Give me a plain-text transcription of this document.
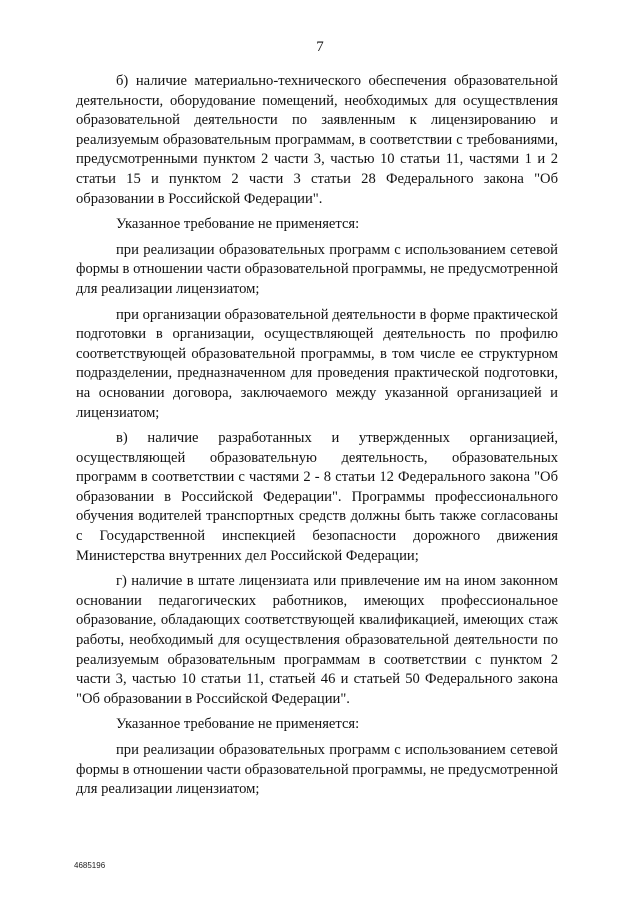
7

б) наличие материально-технического обеспечения образовательной деятельности, оборудование помещений, необходимых для осуществления образовательной деятельности по заявленным к лицензированию и реализуемым образовательным программам, в соответствии с требованиями, предусмотренными пунктом 2 части 3, частью 10 статьи 11, частями 1 и 2 статьи 15 и пунктом 2 части 3 статьи 28 Федерального закона "Об образовании в Российской Федерации".

Указанное требование не применяется:

при реализации образовательных программ с использованием сетевой формы в отношении части образовательной программы, не предусмотренной для реализации лицензиатом;

при организации образовательной деятельности в форме практической подготовки в организации, осуществляющей деятельность по профилю соответствующей образовательной программы, в том числе ее структурном подразделении, предназначенном для проведения практической подготовки, на основании договора, заключаемого между указанной организацией и лицензиатом;

в) наличие разработанных и утвержденных организацией, осуществляющей образовательную деятельность, образовательных программ в соответствии с частями 2 - 8 статьи 12 Федерального закона "Об образовании в Российской Федерации". Программы профессионального обучения водителей транспортных средств должны быть также согласованы с Государственной инспекцией безопасности дорожного движения Министерства внутренних дел Российской Федерации;

г) наличие в штате лицензиата или привлечение им на ином законном основании педагогических работников, имеющих профессиональное образование, обладающих соответствующей квалификацией, имеющих стаж работы, необходимый для осуществления образовательной деятельности по реализуемым образовательным программам в соответствии с пунктом 2 части 3, частью 10 статьи 11, статьей 46 и статьей 50 Федерального закона "Об образовании в Российской Федерации".

Указанное требование не применяется:

при реализации образовательных программ с использованием сетевой формы в отношении части образовательной программы, не предусмотренной для реализации лицензиатом;

4685196
